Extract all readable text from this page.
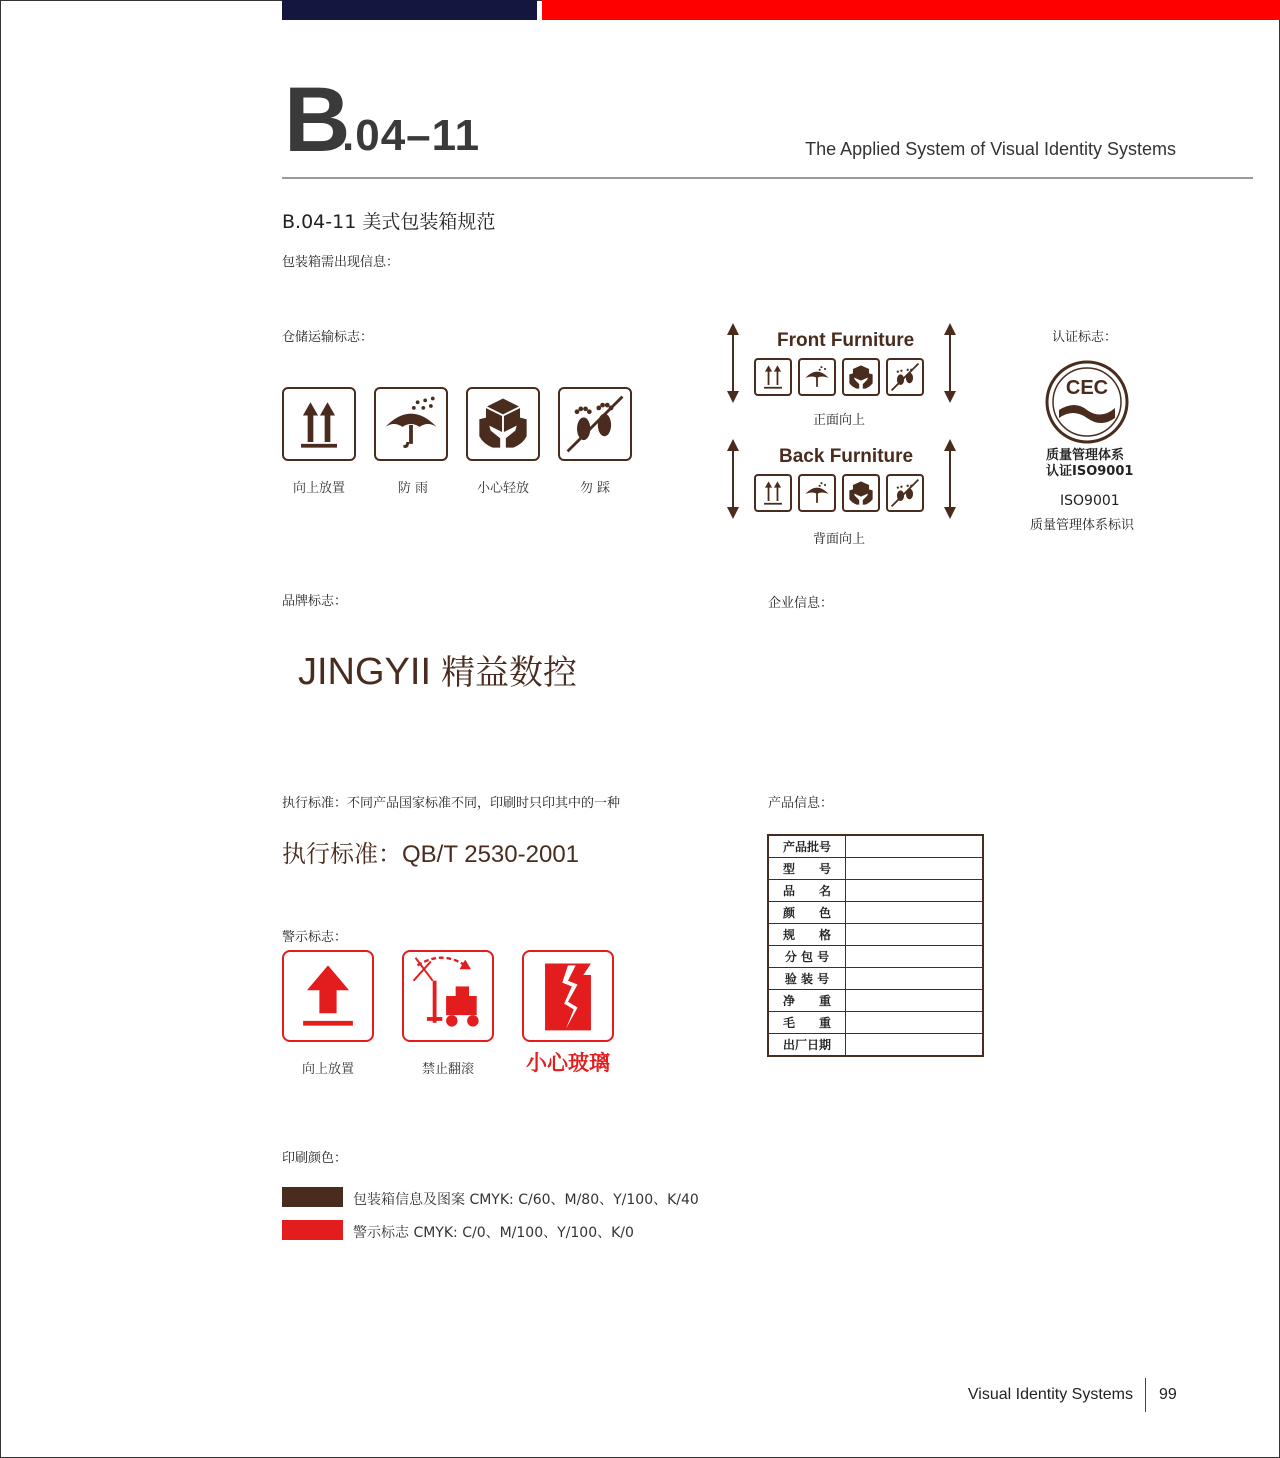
B
.04–11	The Applied System of Visual Identity Systems
B.04-11 美式包装箱规范
包装箱需出现信息：
仓储运输标志：
向上放置	防 雨	小心轻放	勿 踩
Front Furniture
正面向上
Back Furniture
背面向上
认证标志：
CEC
质量管理体系
认证ISO9001
ISO9001
质量管理体系标识
品牌标志：	企业信息：
JINGYII 精益数控
执行标准：不同产品国家标准不同，印刷时只印其中的一种
执行标准：QB/T 2530-2001
产品信息：
产品批号	
型　　号	
品　　名	
颜　　色	
规　　格	
分 包 号	
验 装 号	
净　　重	
毛　　重	
出厂日期	
警示标志：
向上放置	禁止翻滚	小心玻璃
印刷颜色：
包装箱信息及图案 CMYK: C/60、M/80、Y/100、K/40
警示标志 CMYK: C/0、M/100、Y/100、K/0
Visual Identity Systems 99
